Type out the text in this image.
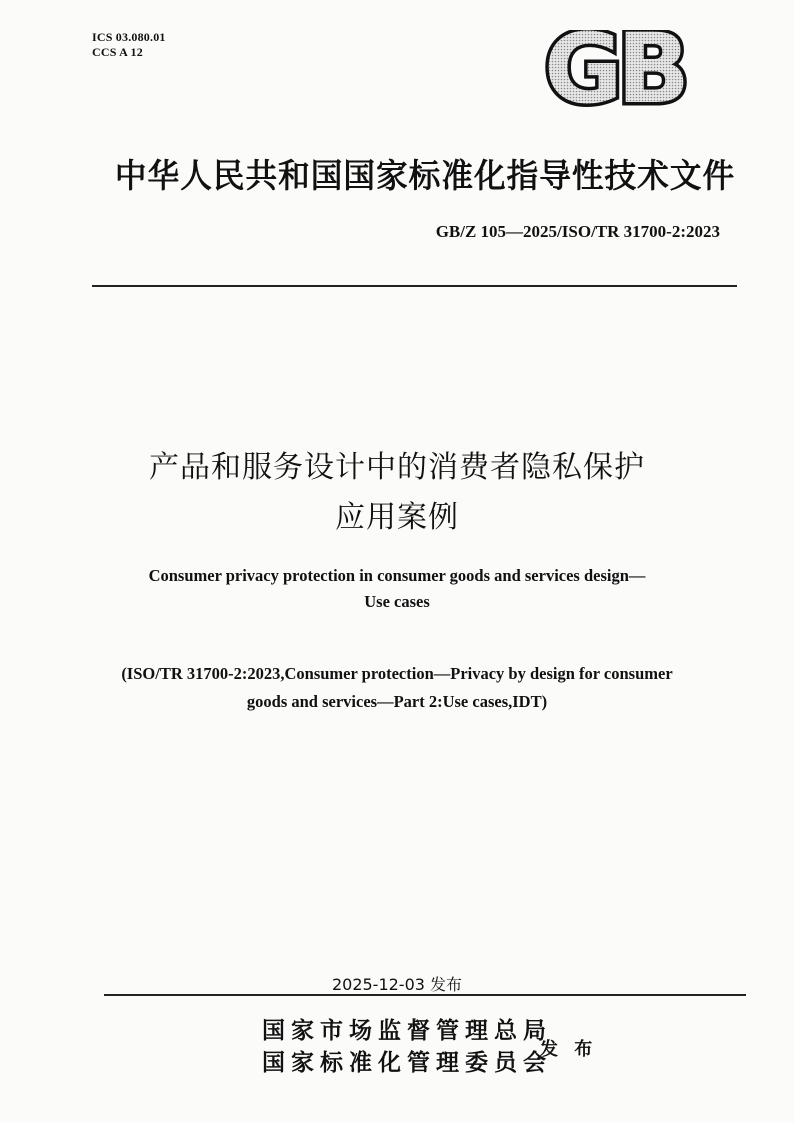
ICS 03.080.01
CCS A 12	GB
中华人民共和国国家标准化指导性技术文件
GB/Z 105—2025/ISO/TR 31700-2:2023
产品和服务设计中的消费者隐私保护
应用案例
Consumer privacy protection in consumer goods and services design—
Use cases
(ISO/TR 31700-2:2023,Consumer protection—Privacy by design for consumer
goods and services—Part 2:Use cases,IDT)
2025-12-03 发布
国家市场监督管理总局
国家标准化管理委员会
发 布
